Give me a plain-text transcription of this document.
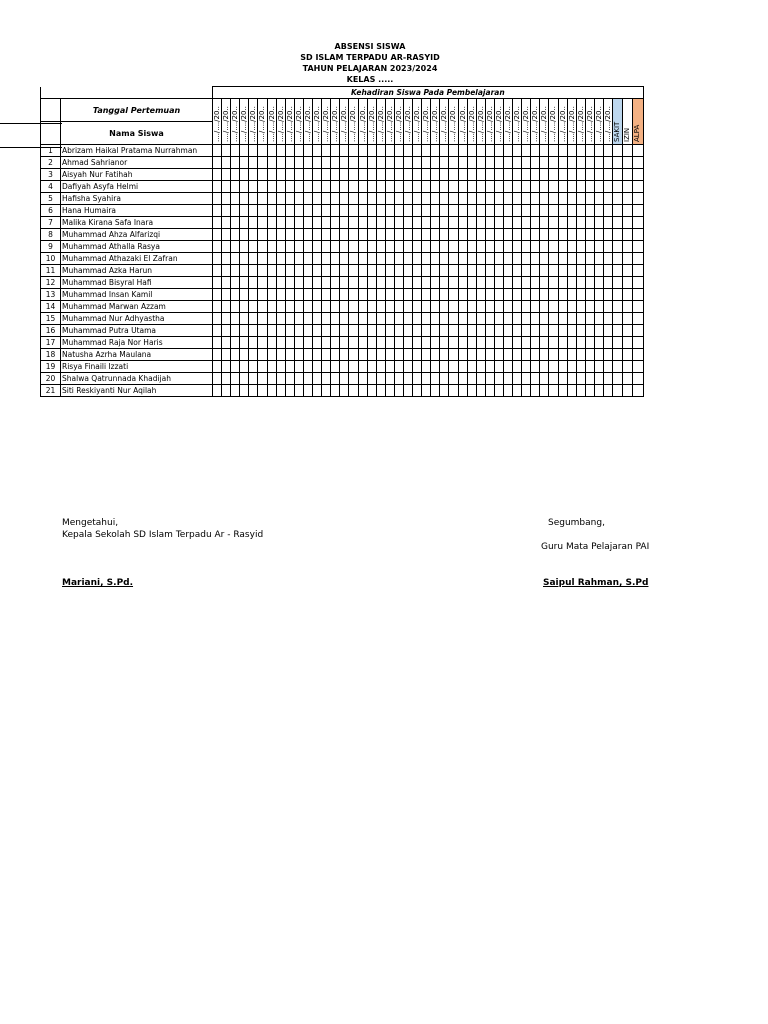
ABSENSI SISWA
SD ISLAM TERPADU AR-RASYID
TAHUN PELAJARAN 2023/2024
KELAS .....
		Kehadiran Siswa Pada Pembelajaran																																														
	Tanggal Pertemuan	..../..../20..	..../..../20..	..../..../20..	..../..../20..	..../..../20..	..../..../20..	..../..../20..	..../..../20..	..../..../20..	..../..../20..	..../..../20..	..../..../20..	..../..../20..	..../..../20..	..../..../20..	..../..../20..	..../..../20..	..../..../20..	..../..../20..	..../..../20..	..../..../20..	..../..../20..	..../..../20..	..../..../20..	..../..../20..	..../..../20..	..../..../20..	..../..../20..	..../..../20..	..../..../20..	..../..../20..	..../..../20..	..../..../20..	..../..../20..	..../..../20..	..../..../20..	..../..../20..	..../..../20..	..../..../20..	..../..../20..	..../..../20..	..../..../20..	..../..../20..	..../..../20..	SAKIT	IZIN	ALPA

	Nama Siswa																																															
1	Abrizam Haikal Pratama Nurrahman																																															
2	Ahmad Sahrianor																																															
3	Aisyah Nur Fatihah																																															
4	Dafiyah Asyfa Helmi																																															
5	Hafisha Syahira																																															
6	Hana Humaira																																															
7	Malika Kirana Safa Inara																																															
8	Muhammad Ahza Alfarizqi																																															
9	Muhammad Athalla Rasya																																															
10	Muhammad Athazaki El Zafran																																															
11	Muhammad Azka Harun																																															
12	Muhammad Bisyral Hafi																																															
13	Muhammad Insan Kamil																																															
14	Muhammad Marwan Azzam																																															
15	Muhammad Nur Adhyastha																																															
16	Muhammad Putra Utama																																															
17	Muhammad Raja Nor Haris																																															
18	Natusha Azrha Maulana																																															
19	Risya Finaili Izzati																																															
20	Shalwa Qatrunnada Khadijah																																															
21	Siti Reskiyanti Nur Aqilah																																															
Mengetahui,
Kepala Sekolah SD Islam Terpadu Ar - Rasyid
Mariani, S.Pd.
Segumbang,
Guru Mata Pelajaran PAI
Saipul Rahman, S.Pd
